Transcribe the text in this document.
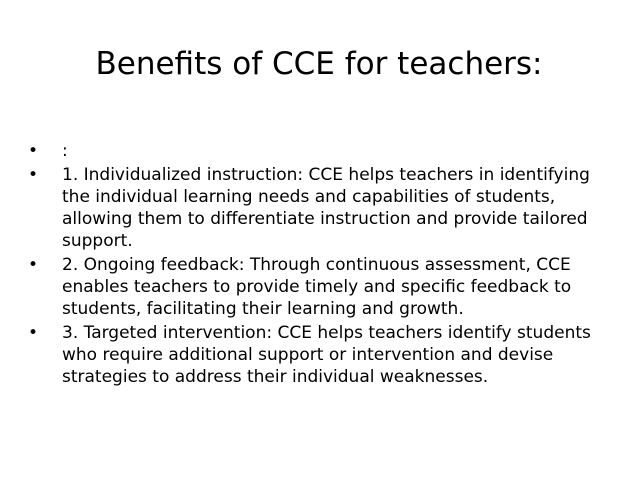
Benefits of CCE for teachers:
•	:
•	1. Individualized instruction: CCE helps teachers in identifying the individual learning needs and capabilities of students, allowing them to differentiate instruction and provide tailored support.
•	2. Ongoing feedback: Through continuous assessment, CCE enables teachers to provide timely and specific feedback to students, facilitating their learning and growth.
•	3. Targeted intervention: CCE helps teachers identify students who require additional support or intervention and devise strategies to address their individual weaknesses.
